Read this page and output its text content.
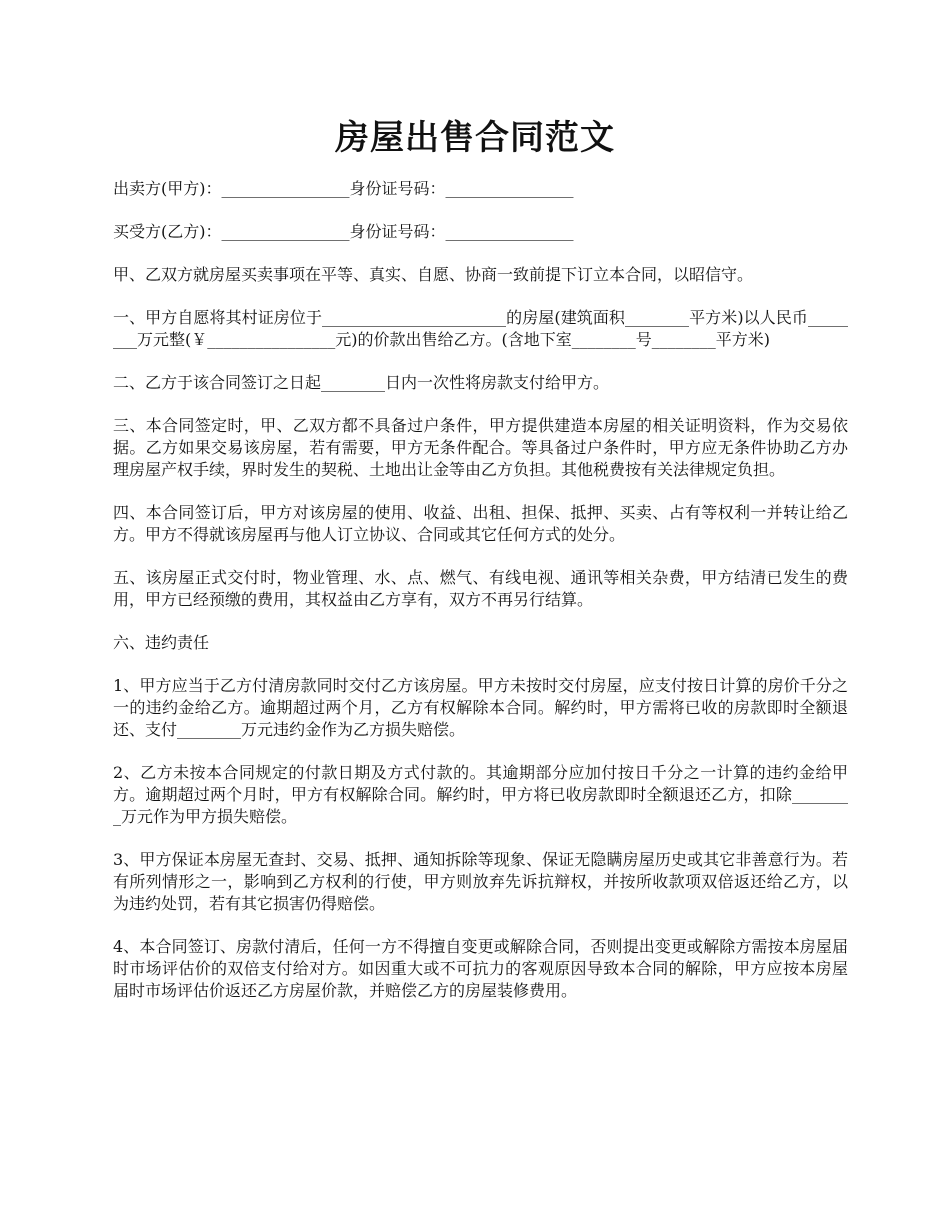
房屋出售合同范文

出卖方(甲方)：________________身份证号码：________________

买受方(乙方)：________________身份证号码：________________

甲、乙双方就房屋买卖事项在平等、真实、自愿、协商一致前提下订立本合同，以昭信守。

一、甲方自愿将其村证房位于_______________________的房屋(建筑面积________平方米)以人民币________万元整(￥________________元)的价款出售给乙方。(含地下室________号________平方米)

二、乙方于该合同签订之日起________日内一次性将房款支付给甲方。

三、本合同签定时，甲、乙双方都不具备过户条件，甲方提供建造本房屋的相关证明资料，作为交易依据。乙方如果交易该房屋，若有需要，甲方无条件配合。等具备过户条件时，甲方应无条件协助乙方办理房屋产权手续，界时发生的契税、土地出让金等由乙方负担。其他税费按有关法律规定负担。

四、本合同签订后，甲方对该房屋的使用、收益、出租、担保、抵押、买卖、占有等权利一并转让给乙方。甲方不得就该房屋再与他人订立协议、合同或其它任何方式的处分。

五、该房屋正式交付时，物业管理、水、点、燃气、有线电视、通讯等相关杂费，甲方结清已发生的费用，甲方已经预缴的费用，其权益由乙方享有，双方不再另行结算。

六、违约责任

1、甲方应当于乙方付清房款同时交付乙方该房屋。甲方未按时交付房屋，应支付按日计算的房价千分之一的违约金给乙方。逾期超过两个月，乙方有权解除本合同。解约时，甲方需将已收的房款即时全额退还、支付________万元违约金作为乙方损失赔偿。

2、乙方未按本合同规定的付款日期及方式付款的。其逾期部分应加付按日千分之一计算的违约金给甲方。逾期超过两个月时，甲方有权解除合同。解约时，甲方将已收房款即时全额退还乙方，扣除________万元作为甲方损失赔偿。

3、甲方保证本房屋无查封、交易、抵押、通知拆除等现象、保证无隐瞒房屋历史或其它非善意行为。若有所列情形之一，影响到乙方权利的行使，甲方则放弃先诉抗辩权，并按所收款项双倍返还给乙方，以为违约处罚，若有其它损害仍得赔偿。

4、本合同签订、房款付清后，任何一方不得擅自变更或解除合同，否则提出变更或解除方需按本房屋届时市场评估价的双倍支付给对方。如因重大或不可抗力的客观原因导致本合同的解除，甲方应按本房屋届时市场评估价返还乙方房屋价款，并赔偿乙方的房屋装修费用。
